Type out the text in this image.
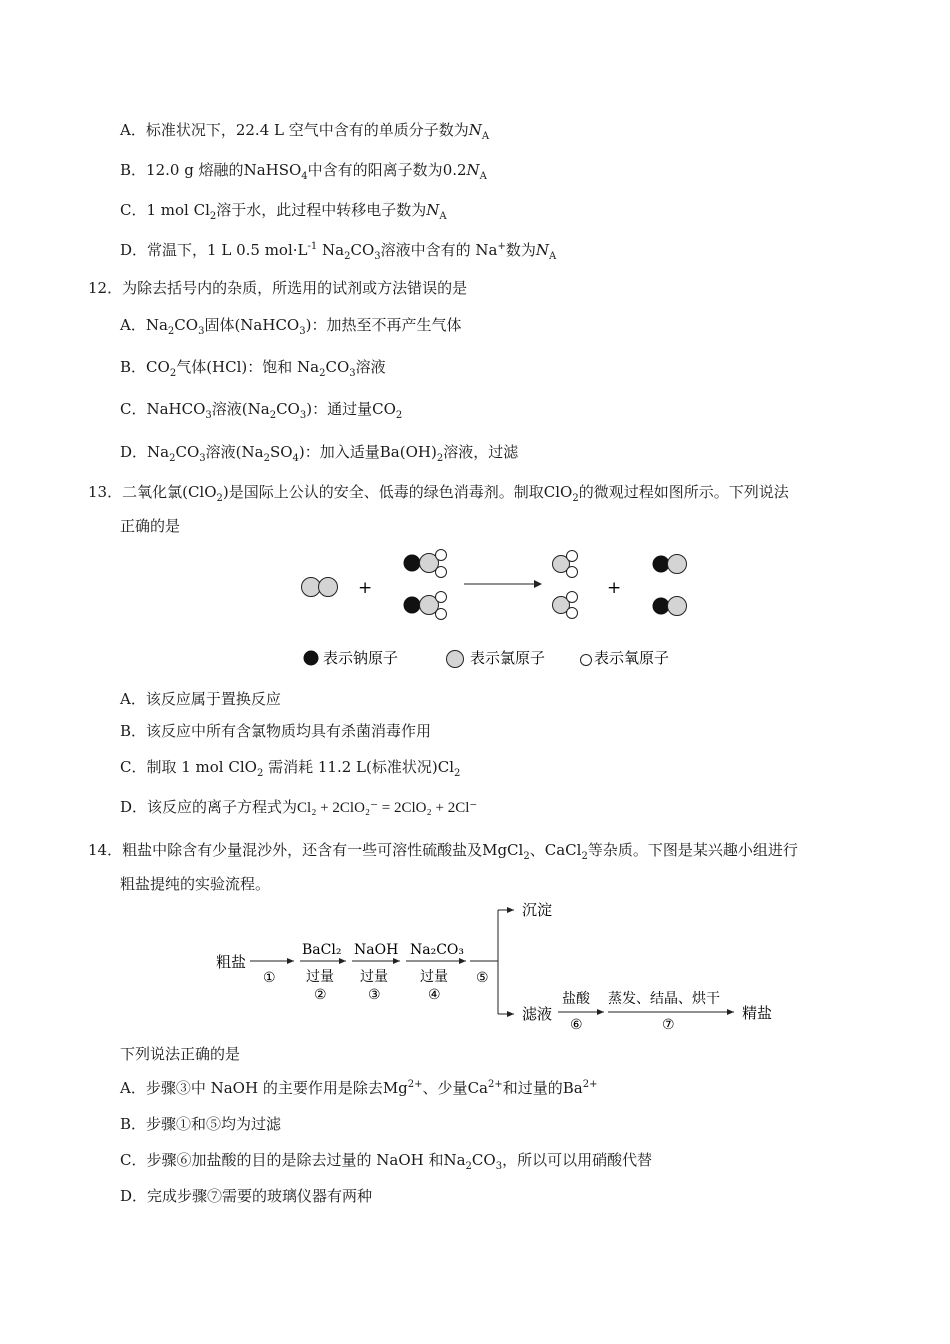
A．标准状况下，22.4 L 空气中含有的单质分子数为$N_A$
B．12.0 g 熔融的NaHSO$_4$中含有的阳离子数为$0.2N_A$
C．1 mol $Cl_2$溶于水，此过程中转移电子数为$N_A$
D．常温下，1 L 0.5 $mol\cdot L^{-1}$ $Na_2CO_3$溶液中含有的 Na+数为$N_A$
12．为除去括号内的杂质，所选用的试剂或方法错误的是
A．$Na_2CO_3$固体(NaHCO$_3$)：加热至不再产生气体
B．$CO_2$气体(HCl)：饱和 $Na_2CO_3$溶液
C．NaHCO$_3$溶液$(Na_2CO_3)$：通过量$CO_2$
D．$Na_2CO_3$溶液$(Na_2SO_4)$：加入适量$Ba(OH)_2$溶液，过滤
13．二氧化氯(ClO$_2$)是国际上公认的安全、低毒的绿色消毒剂。制取ClO$_2$的微观过程如图所示。下列说法
正确的是
+	+
表示钠原子	表示氯原子	表示氧原子
A．该反应属于置换反应
B．该反应中所有含氯物质均具有杀菌消毒作用
C．制取 1 mol ClO$_2$ 需消耗 11.2 L(标准状况)$Cl_2$
D．该反应的离子方程式为Cl₂ + 2ClO₂⁻ = 2ClO₂ + 2Cl⁻
14．粗盐中除含有少量混沙外，还含有一些可溶性硫酸盐及MgCl$_2$、CaCl$_2$等杂质。下图是某兴趣小组进行
粗盐提纯的实验流程。
粗盐
①
BaCl₂
过量
②
NaOH
过量
③
Na₂CO₃
过量
④
⑤
沉淀
滤液
盐酸
⑥
蒸发、结晶、烘干
⑦
精盐
下列说法正确的是
A．步骤③中 NaOH 的主要作用是除去$Mg^{2+}$、少量$Ca^{2+}$和过量的$Ba^{2+}$
B．步骤①和⑤均为过滤
C．步骤⑥加盐酸的目的是除去过量的 NaOH 和$Na_2CO_3$，所以可以用硝酸代替
D．完成步骤⑦需要的玻璃仪器有两种
